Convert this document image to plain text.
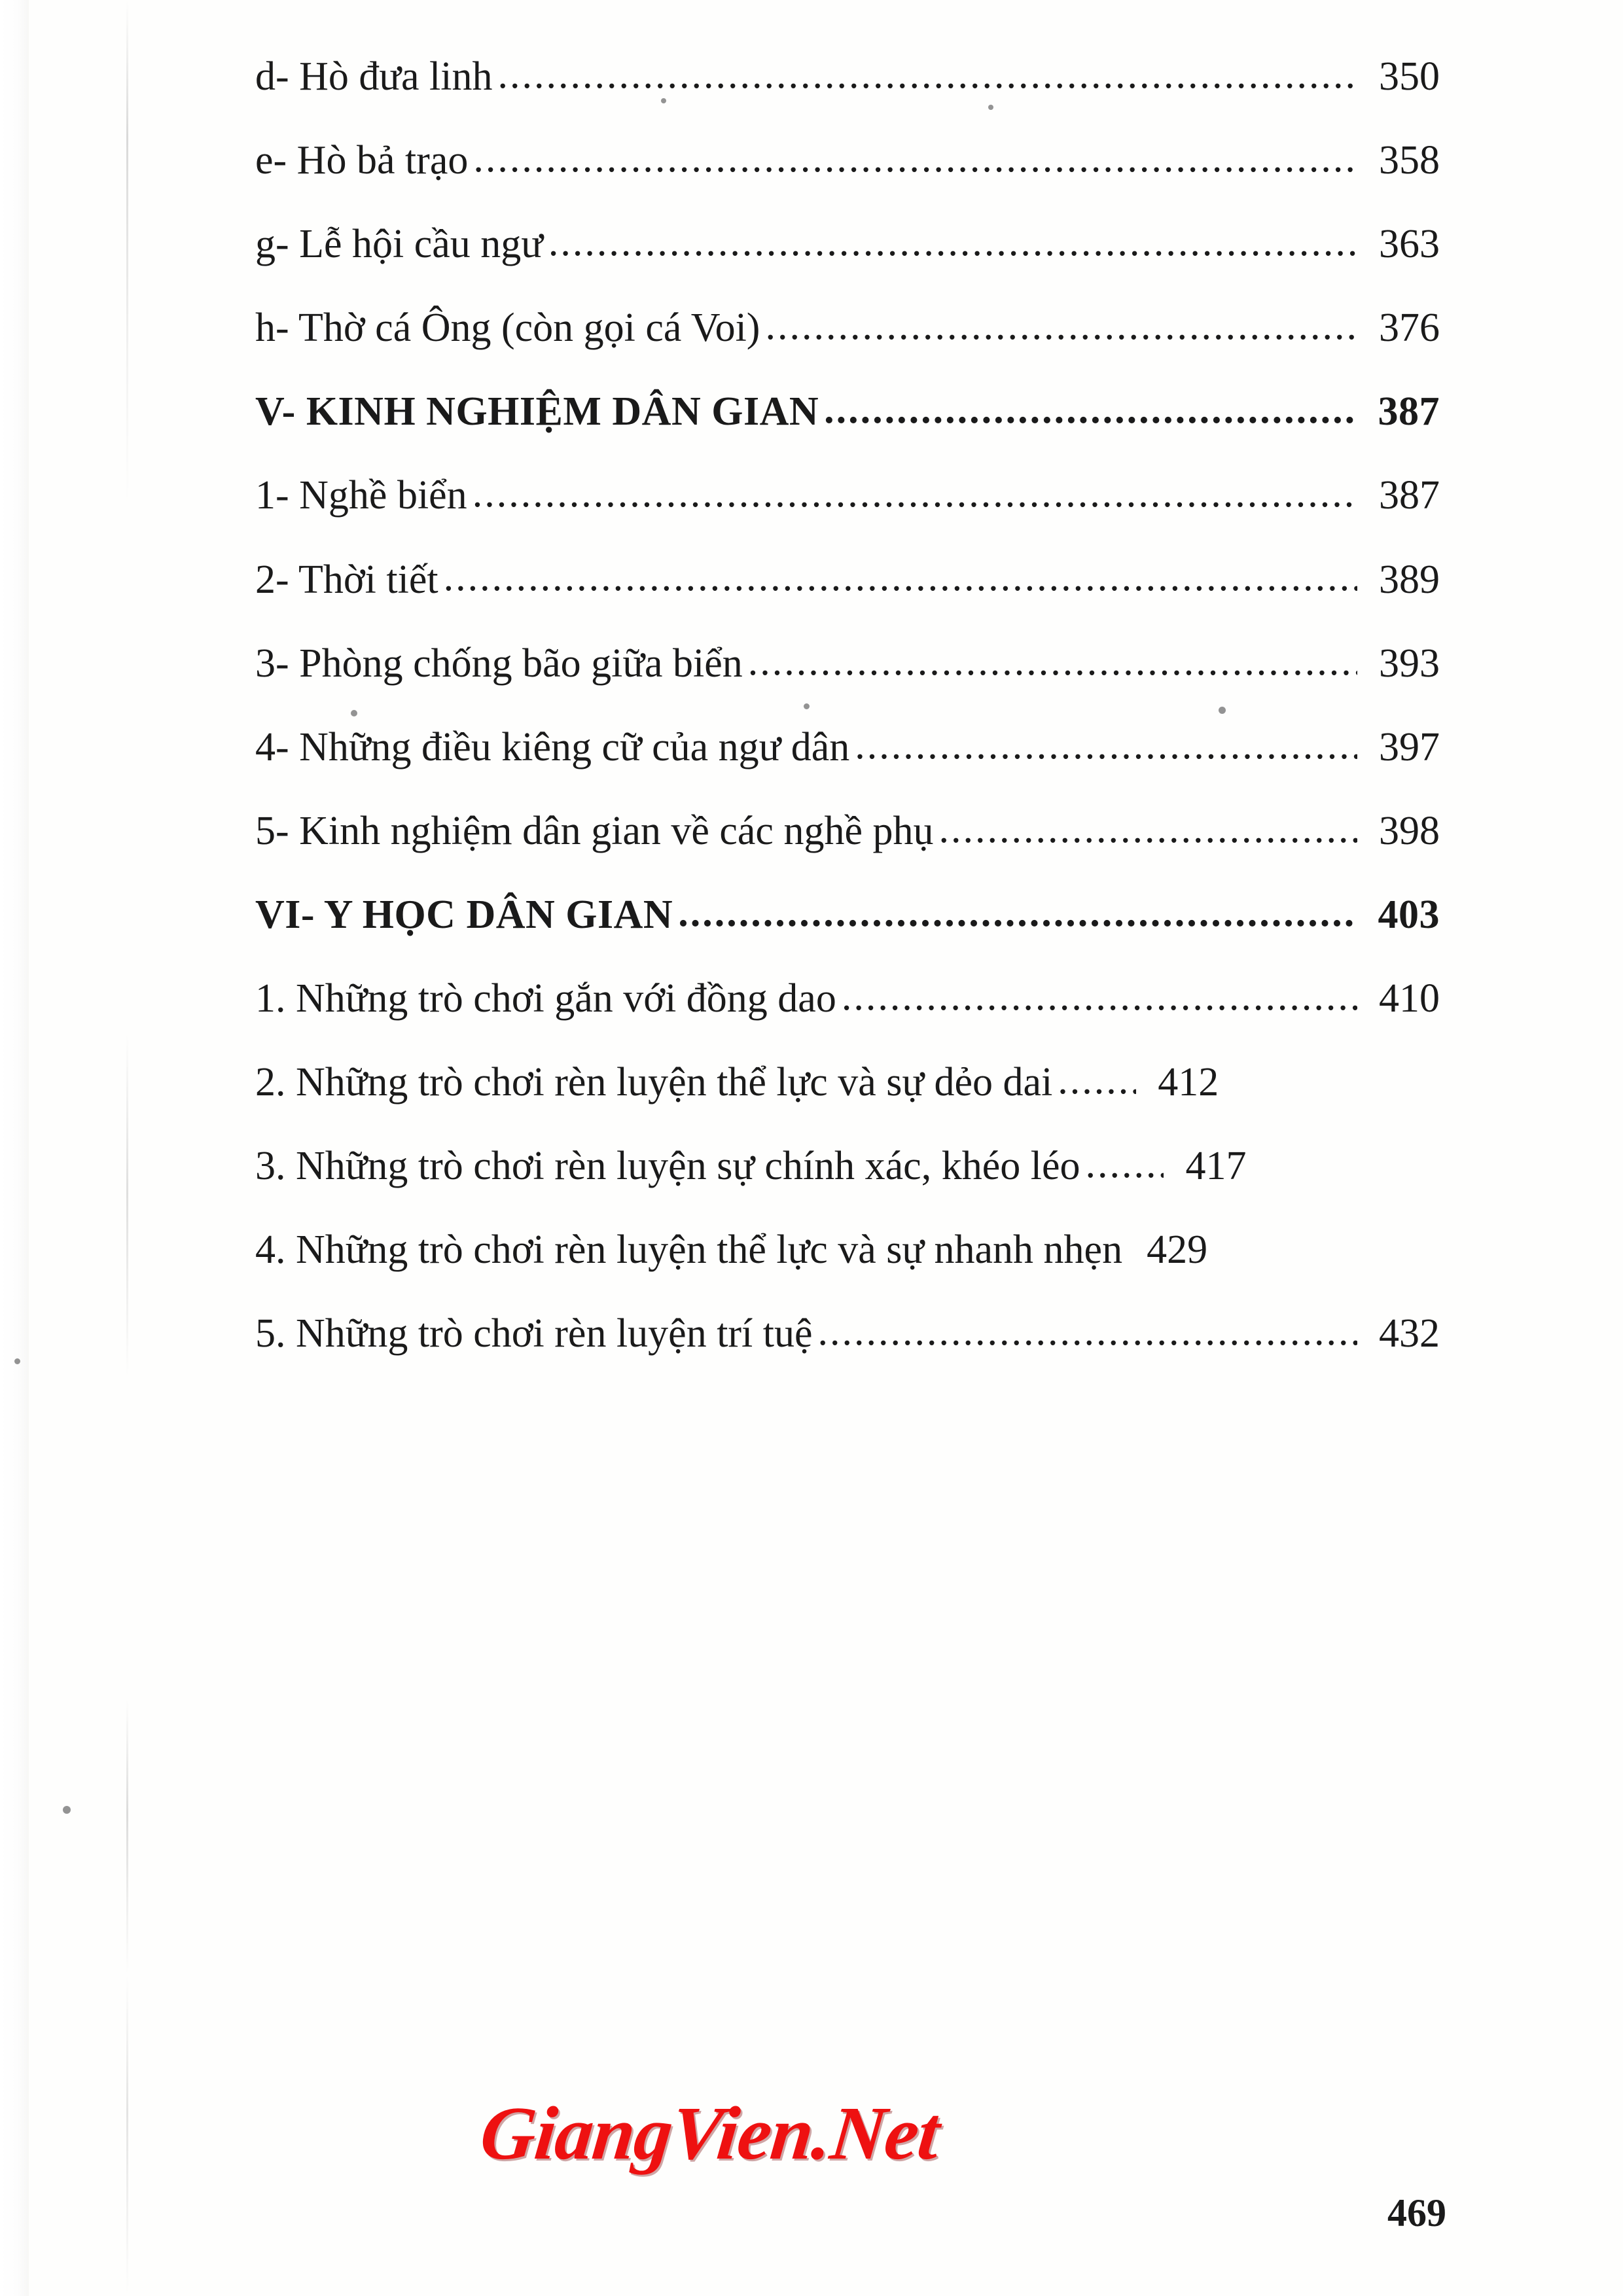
d- Hò đưa linh .....	350
e- Hò bả trạo .....	358
g- Lễ hội cầu ngư .....	363
h- Thờ cá Ông (còn gọi cá Voi) .....	376
V- KINH NGHIỆM DÂN GIAN .....	387
1- Nghề biển .....	387
2- Thời tiết .....	389
3- Phòng chống bão giữa biển .....	393
4- Những điều kiêng cữ của ngư dân .....	397
5- Kinh nghiệm dân gian về các nghề phụ .....	398
VI- Y HỌC DÂN GIAN .....	403
1. Những trò chơi gắn với đồng dao .....	410
2. Những trò chơi rèn luyện thể lực và sự dẻo dai .....	412
3. Những trò chơi rèn luyện sự chính xác, khéo léo .....	417
4. Những trò chơi rèn luyện thể lực và sự nhanh nhẹn 429
5. Những trò chơi rèn luyện trí tuệ .....	432
GiangVien.Net
469
